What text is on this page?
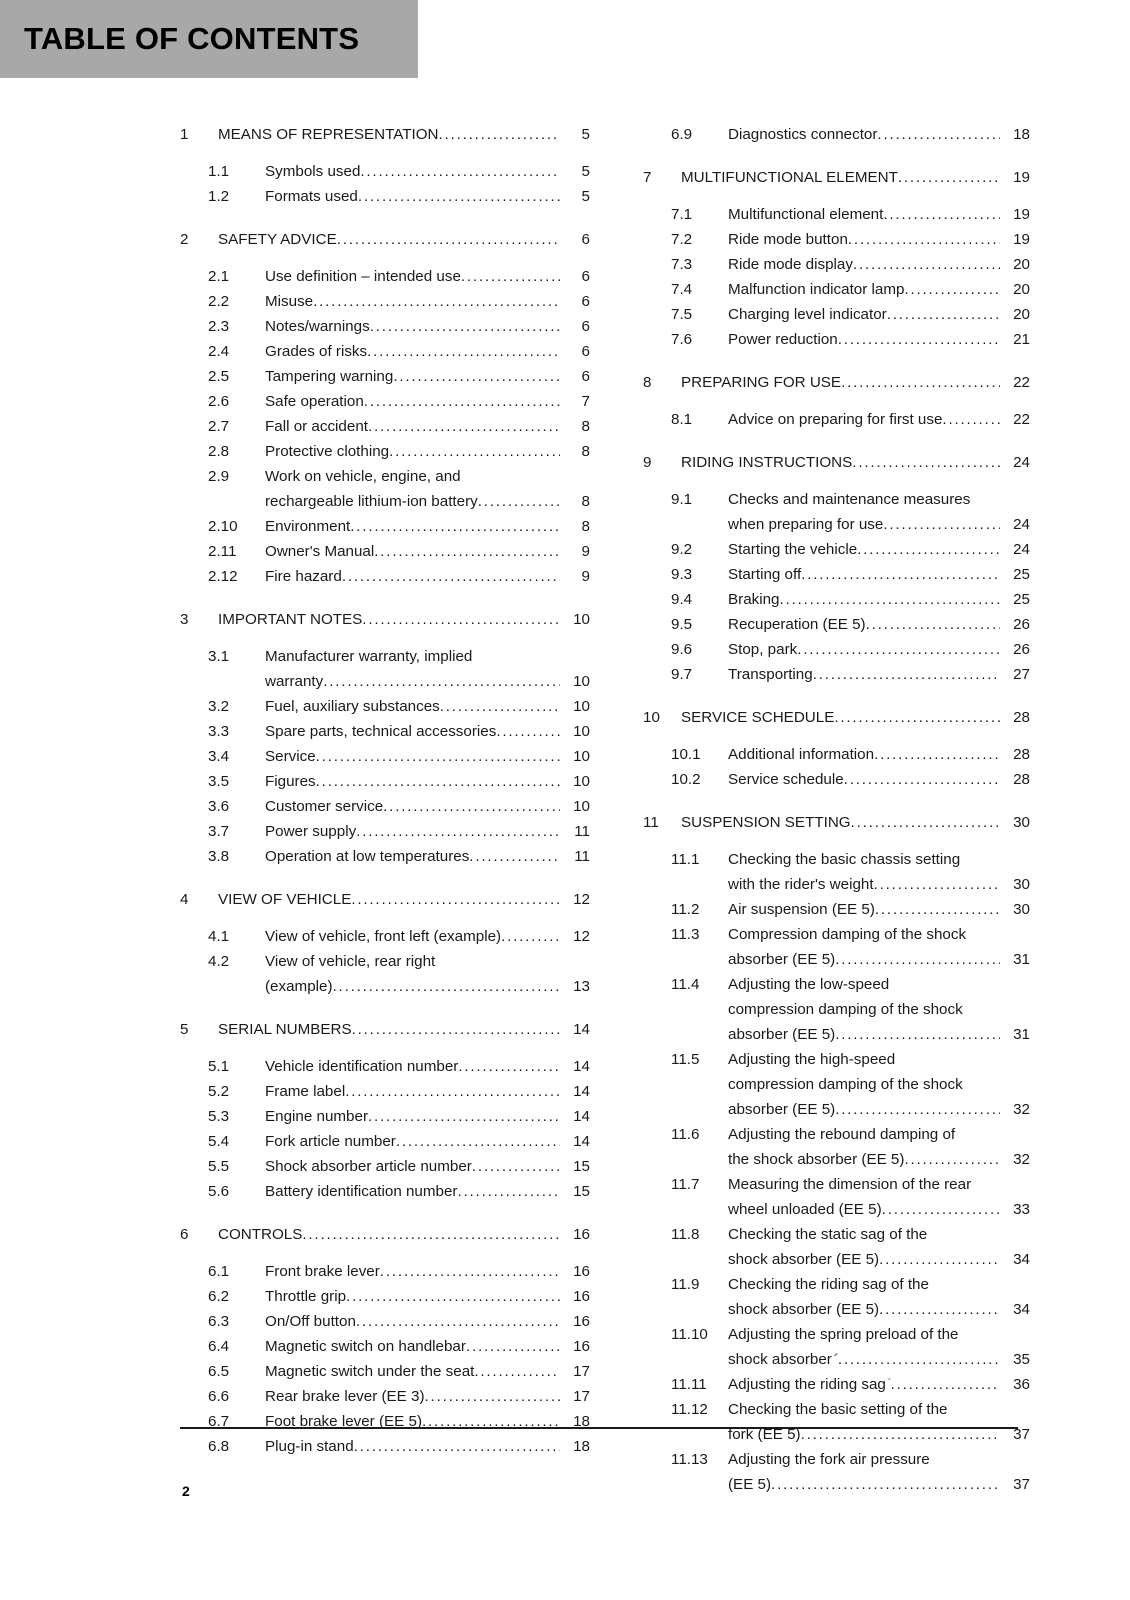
TABLE OF CONTENTS
1	MEANS OF REPRESENTATION .....	5
1.1	Symbols used .....	5
1.2	Formats used .....	5
2	SAFETY ADVICE .....	6
2.1	Use definition – intended use .....	6
2.2	Misuse .....	6
2.3	Notes/warnings .....	6
2.4	Grades of risks .....	6
2.5	Tampering warning .....	6
2.6	Safe operation .....	7
2.7	Fall or accident .....	8
2.8	Protective clothing .....	8
2.9	Work on vehicle, engine, and
rechargeable lithium-ion battery .....	8
2.10	Environment .....	8
2.11	Owner's Manual .....	9
2.12	Fire hazard .....	9
3	IMPORTANT NOTES .....	10
3.1	Manufacturer warranty, implied
warranty .....	10
3.2	Fuel, auxiliary substances .....	10
3.3	Spare parts, technical accessories .....	10
3.4	Service .....	10
3.5	Figures .....	10
3.6	Customer service .....	10
3.7	Power supply .....	11
3.8	Operation at low temperatures .....	11
4	VIEW OF VEHICLE .....	12
4.1	View of vehicle, front left (example) .....	12
4.2	View of vehicle, rear right
(example) .....	13
5	SERIAL NUMBERS .....	14
5.1	Vehicle identification number .....	14
5.2	Frame label .....	14
5.3	Engine number .....	14
5.4	Fork article number .....	14
5.5	Shock absorber article number .....	15
5.6	Battery identification number .....	15
6	CONTROLS .....	16
6.1	Front brake lever .....	16
6.2	Throttle grip .....	16
6.3	On/Off button .....	16
6.4	Magnetic switch on handlebar .....	16
6.5	Magnetic switch under the seat .....	17
6.6	Rear brake lever (EE 3) .....	17
6.7	Foot brake lever (EE 5) .....	18
6.8	Plug-in stand .....	18
6.9	Diagnostics connector .....	18
7	MULTIFUNCTIONAL ELEMENT .....	19
7.1	Multifunctional element .....	19
7.2	Ride mode button .....	19
7.3	Ride mode display .....	20
7.4	Malfunction indicator lamp .....	20
7.5	Charging level indicator .....	20
7.6	Power reduction .....	21
8	PREPARING FOR USE .....	22
8.1	Advice on preparing for first use .....	22
9	RIDING INSTRUCTIONS .....	24
9.1	Checks and maintenance measures
when preparing for use .....	24
9.2	Starting the vehicle .....	24
9.3	Starting off .....	25
9.4	Braking .....	25
9.5	Recuperation (EE 5) .....	26
9.6	Stop, park .....	26
9.7	Transporting .....	27
10	SERVICE SCHEDULE .....	28
10.1	Additional information .....	28
10.2	Service schedule .....	28
11	SUSPENSION SETTING .....	30
11.1	Checking the basic chassis setting
with the rider's weight .....	30
11.2	Air suspension (EE 5) .....	30
11.3	Compression damping of the shock
absorber (EE 5) .....	31
11.4	Adjusting the low-speed
compression damping of the shock
absorber (EE 5) .....	31
11.5	Adjusting the high-speed
compression damping of the shock
absorber (EE 5) .....	32
11.6	Adjusting the rebound damping of
the shock absorber (EE 5) .....	32
11.7	Measuring the dimension of the rear
wheel unloaded (EE 5) .....	33
11.8	Checking the static sag of the
shock absorber (EE 5) .....	34
11.9	Checking the riding sag of the
shock absorber (EE 5) .....	34
11.10	Adjusting the spring preload of the
shock absorber .....	35
11.11	Adjusting the riding sag .....	36
11.12	Checking the basic setting of the
fork (EE 5) .....	37
11.13	Adjusting the fork air pressure
(EE 5) .....	37
2
